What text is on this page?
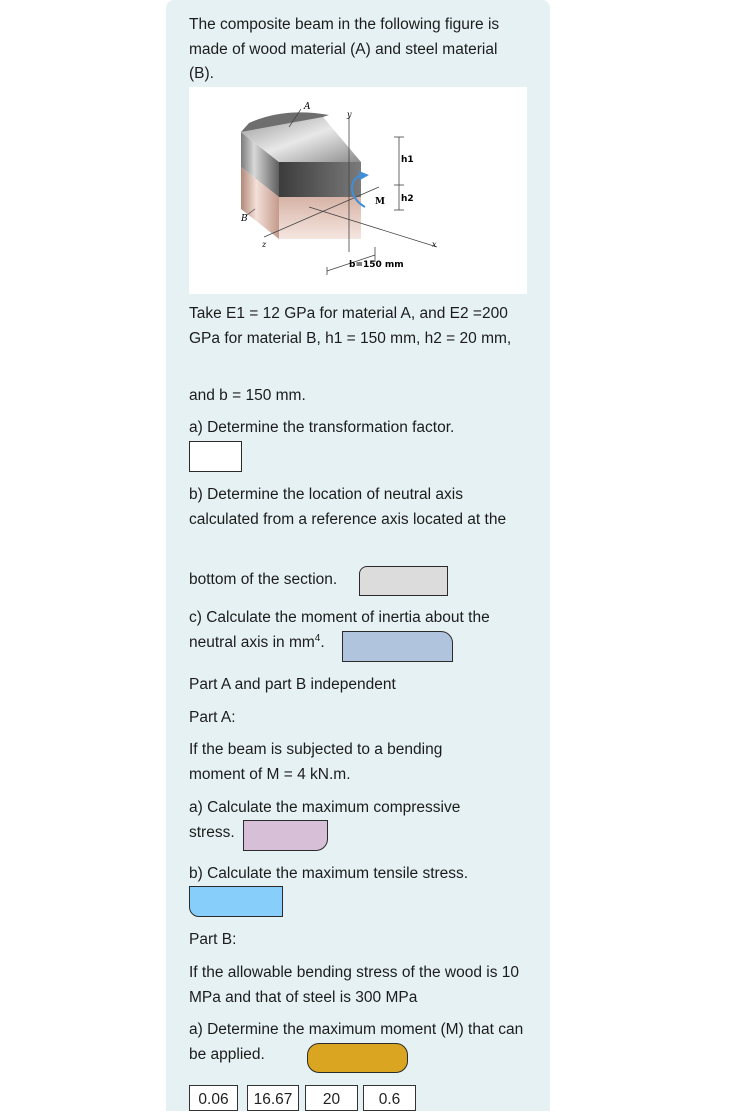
The composite beam in the following figure is made of wood material (A) and steel material (B).

A
B
y
z	x
M
h1
h2
b=150 mm

Take E1 = 12 GPa for material A, and E2 =200 GPa for material B, h1 = 150 mm, h2 = 20 mm,

and b = 150 mm.

a) Determine the transformation factor.

b) Determine the location of neutral axis calculated from a reference axis located at the

bottom of the section.

c) Calculate the moment of inertia about the neutral axis in $mm^4$.

Part A and part B independent

Part A:

If the beam is subjected to a bending moment of M = 4 kN.m.

a) Calculate the maximum compressive stress.

b) Calculate the maximum tensile stress.

Part B:

If the allowable bending stress of the wood is 10 MPa and that of steel is 300 MPa

a) Determine the maximum moment (M) that can be applied.

0.06	16.67	20	0.6
